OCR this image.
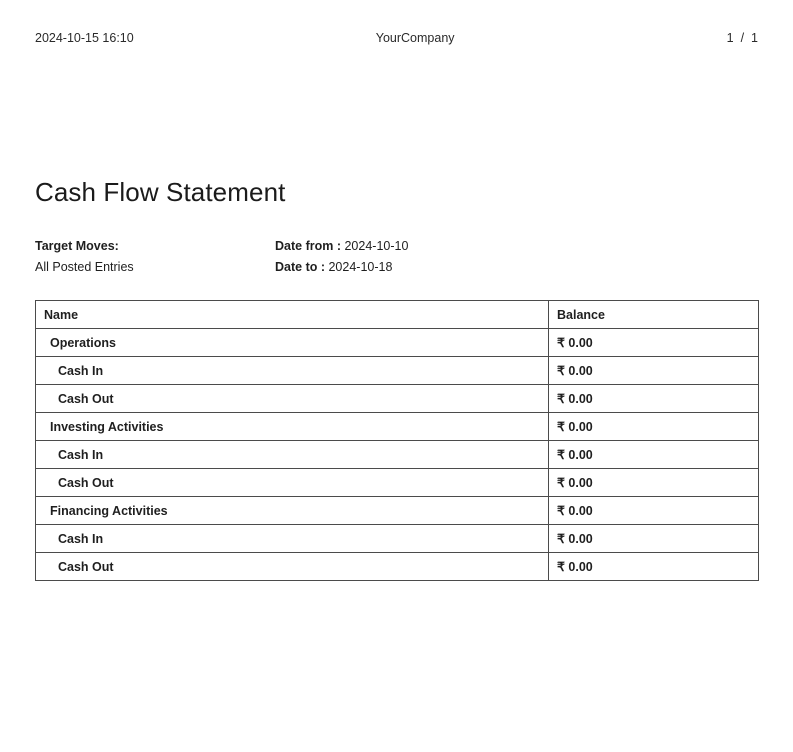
2024-10-15 16:10	YourCompany	1 / 1
Cash Flow Statement
Target Moves:
All Posted Entries
Date from : 2024-10-10
Date to : 2024-10-18
Name	Balance
Operations	₹ 0.00
Cash In	₹ 0.00
Cash Out	₹ 0.00
Investing Activities	₹ 0.00
Cash In	₹ 0.00
Cash Out	₹ 0.00
Financing Activities	₹ 0.00
Cash In	₹ 0.00
Cash Out	₹ 0.00
